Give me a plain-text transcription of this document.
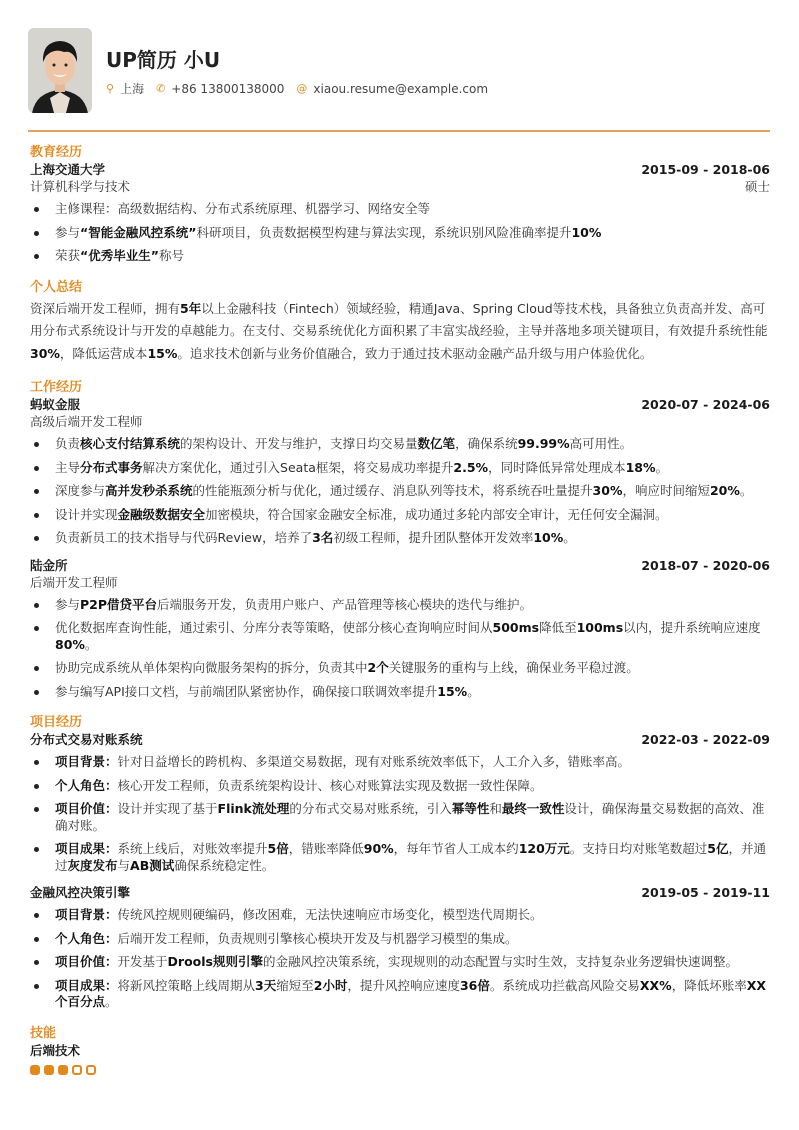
UP简历 小U
⚲ 上海 ✆ +86 13800138000 @ xiaou.resume@example.com
教育经历
上海交通大学	2015-09 - 2018-06
计算机科学与技术	硕士
主修课程：高级数据结构、分布式系统原理、机器学习、网络安全等
参与“智能金融风控系统”科研项目，负责数据模型构建与算法实现，系统识别风险准确率提升10%
荣获“优秀毕业生”称号
个人总结
资深后端开发工程师，拥有5年以上金融科技（Fintech）领域经验，精通Java、Spring Cloud等技术栈，具备独立负责高并发、高可用分布式系统设计与开发的卓越能力。在支付、交易系统优化方面积累了丰富实战经验，主导并落地多项关键项目，有效提升系统性能30%，降低运营成本15%。追求技术创新与业务价值融合，致力于通过技术驱动金融产品升级与用户体验优化。
工作经历
蚂蚁金服	2020-07 - 2024-06
高级后端开发工程师
负责核心支付结算系统的架构设计、开发与维护，支撑日均交易量数亿笔，确保系统99.99%高可用性。
主导分布式事务解决方案优化，通过引入Seata框架，将交易成功率提升2.5%，同时降低异常处理成本18%。
深度参与高并发秒杀系统的性能瓶颈分析与优化，通过缓存、消息队列等技术，将系统吞吐量提升30%，响应时间缩短20%。
设计并实现金融级数据安全加密模块，符合国家金融安全标准，成功通过多轮内部安全审计，无任何安全漏洞。
负责新员工的技术指导与代码Review，培养了3名初级工程师，提升团队整体开发效率10%。
陆金所	2018-07 - 2020-06
后端开发工程师
参与P2P借贷平台后端服务开发，负责用户账户、产品管理等核心模块的迭代与维护。
优化数据库查询性能，通过索引、分库分表等策略，使部分核心查询响应时间从500ms降低至100ms以内，提升系统响应速度80%。
协助完成系统从单体架构向微服务架构的拆分，负责其中2个关键服务的重构与上线，确保业务平稳过渡。
参与编写API接口文档，与前端团队紧密协作，确保接口联调效率提升15%。
项目经历
分布式交易对账系统	2022-03 - 2022-09
项目背景：针对日益增长的跨机构、多渠道交易数据，现有对账系统效率低下，人工介入多，错账率高。
个人角色：核心开发工程师，负责系统架构设计、核心对账算法实现及数据一致性保障。
项目价值：设计并实现了基于Flink流处理的分布式交易对账系统，引入幂等性和最终一致性设计，确保海量交易数据的高效、准确对账。
项目成果：系统上线后，对账效率提升5倍，错账率降低90%，每年节省人工成本约120万元。支持日均对账笔数超过5亿，并通过灰度发布与AB测试确保系统稳定性。
金融风控决策引擎	2019-05 - 2019-11
项目背景：传统风控规则硬编码，修改困难，无法快速响应市场变化，模型迭代周期长。
个人角色：后端开发工程师，负责规则引擎核心模块开发及与机器学习模型的集成。
项目价值：开发基于Drools规则引擎的金融风控决策系统，实现规则的动态配置与实时生效，支持复杂业务逻辑快速调整。
项目成果：将新风控策略上线周期从3天缩短至2小时，提升风控响应速度36倍。系统成功拦截高风险交易XX%，降低坏账率XX个百分点。
技能
后端技术
